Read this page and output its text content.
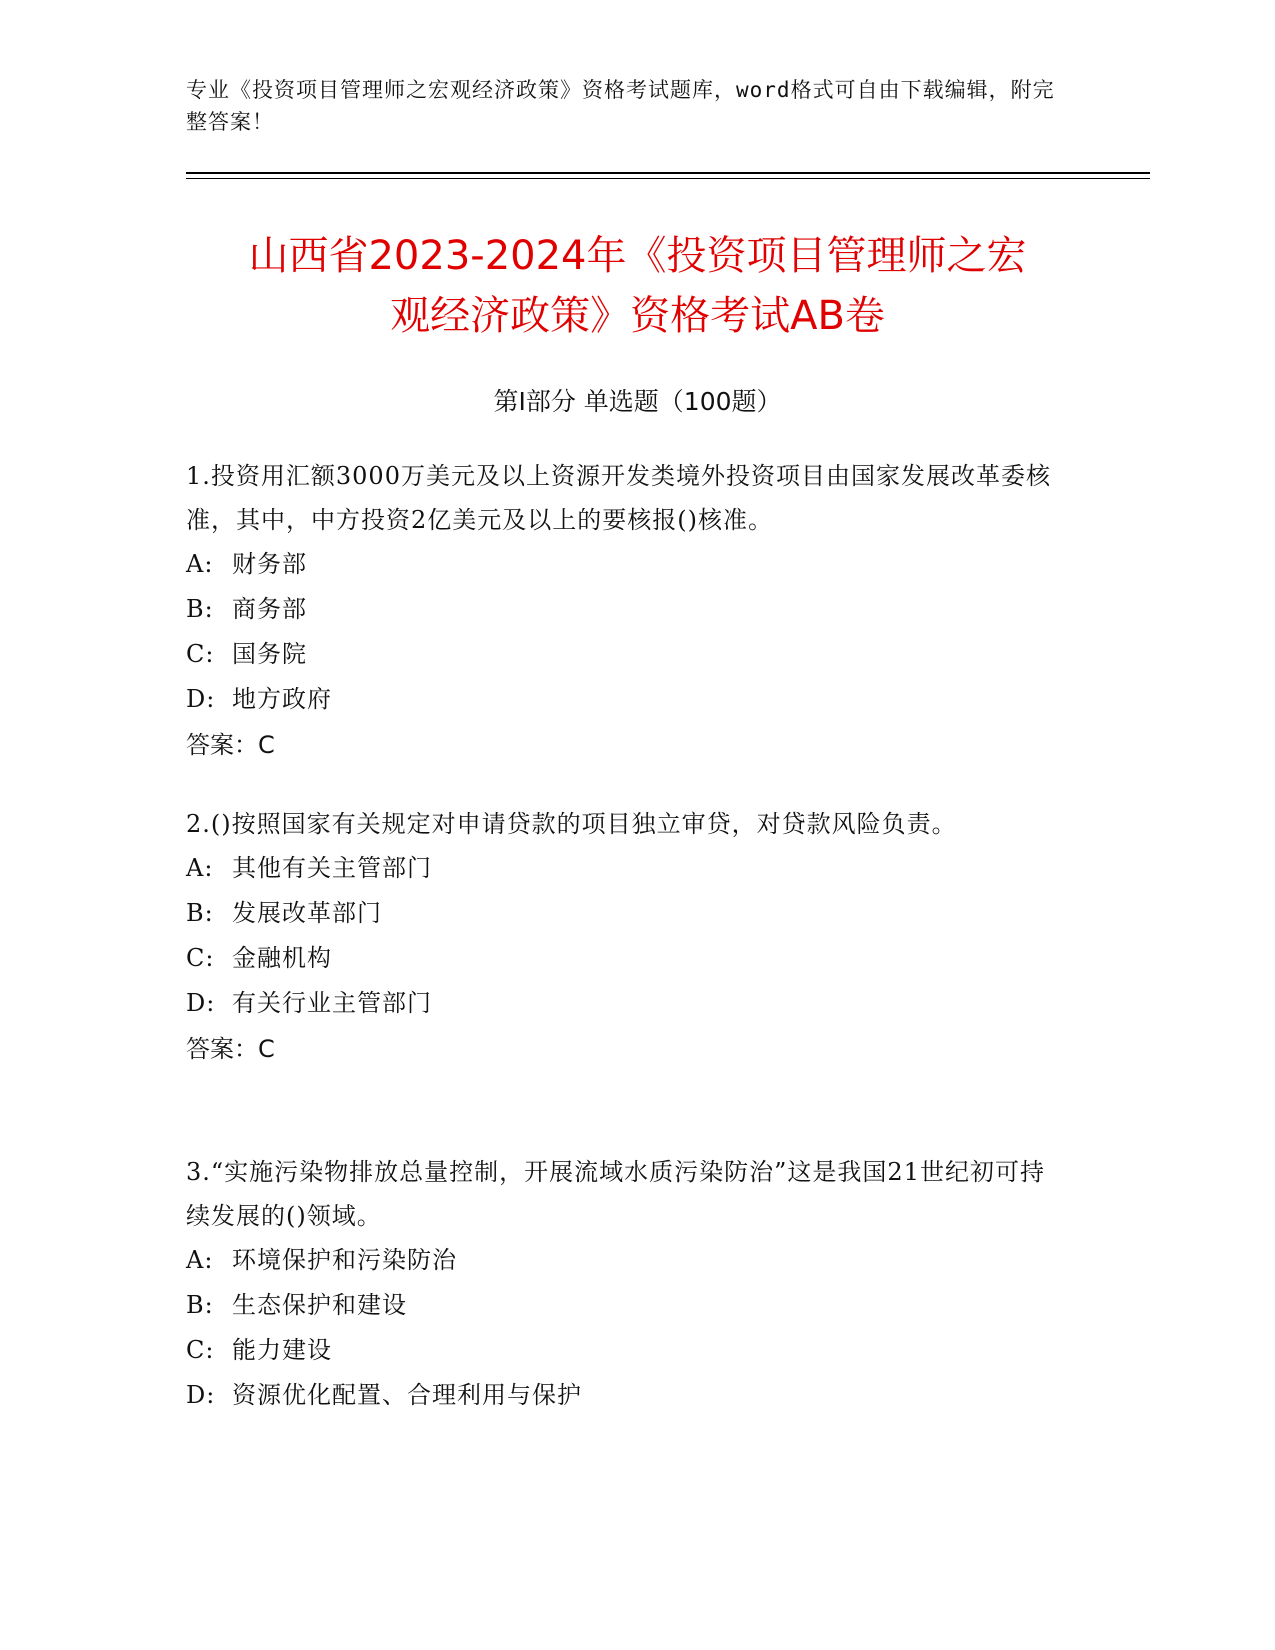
专业《投资项目管理师之宏观经济政策》资格考试题库，word格式可自由下载编辑，附完整答案！
山西省2023-2024年《投资项目管理师之宏
观经济政策》资格考试AB卷
第Ⅰ部分 单选题（100题）
1.投资用汇额3000万美元及以上资源开发类境外投资项目由国家发展改革委核准，其中，中方投资2亿美元及以上的要核报()核准。
A: 财务部
B: 商务部
C: 国务院
D: 地方政府
答案：C
2.()按照国家有关规定对申请贷款的项目独立审贷，对贷款风险负责。
A: 其他有关主管部门
B: 发展改革部门
C: 金融机构
D: 有关行业主管部门
答案：C
3.“实施污染物排放总量控制，开展流域水质污染防治”这是我国21世纪初可持续发展的()领域。
A: 环境保护和污染防治
B: 生态保护和建设
C: 能力建设
D: 资源优化配置、合理利用与保护
